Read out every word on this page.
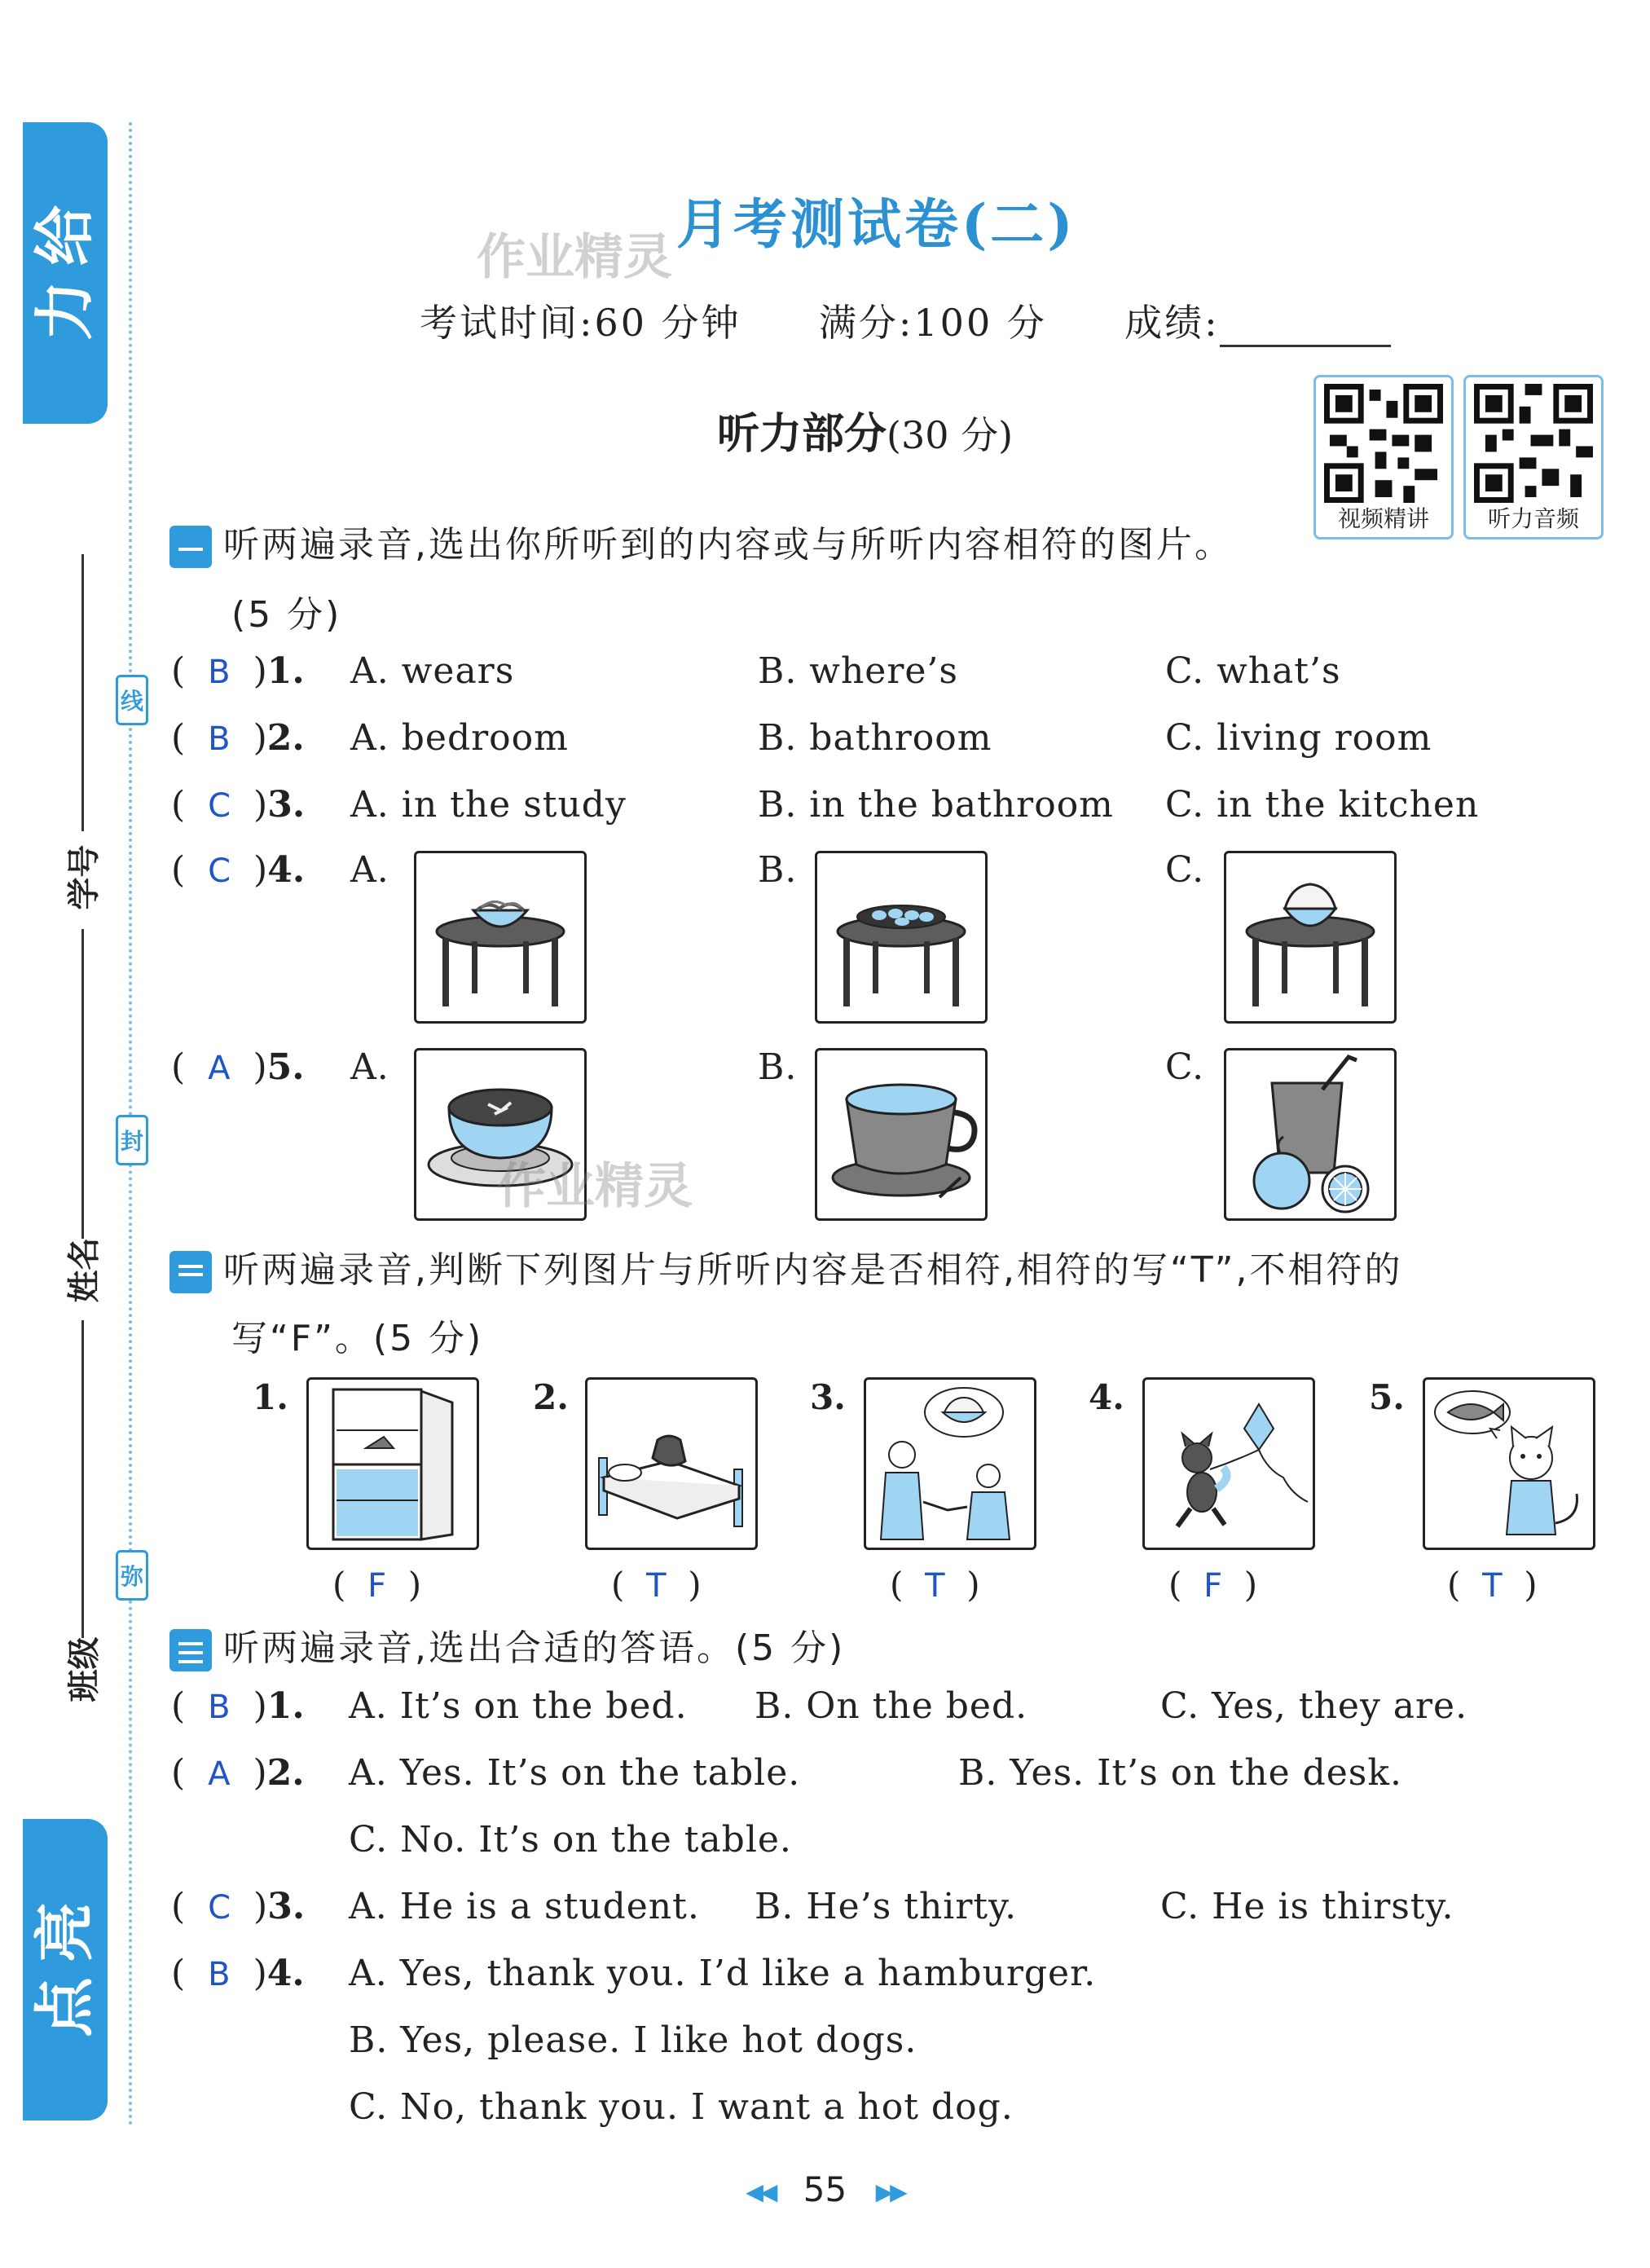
给
力
亮
点
学号
姓名
班级
线
封
弥
作业精灵
月考测试卷(二)
考试时间:60 分钟 满分:100 分 成绩:
听力部分(30 分)
视频精讲	听力音频
听两遍录音,选出你所听到的内容或与所听内容相符的图片。
(5 分)
(  B  )1. A. wears	B. where’s	C. what’s
(  B  )2. A. bedroom	B. bathroom	C. living room
(  C  )3. A. in the study	B. in the bathroom C. in the kitchen
(  C  )4. A.	B.	C.
(  A  )5. A.	B.	C.
作业精灵
听两遍录音,判断下列图片与所听内容是否相符,相符的写“T”,不相符的
写“F”。(5 分)
1.	2.	3.	4.	5.
(  F  )	(  T  )	(  T  )	(  F  )	(  T  )
听两遍录音,选出合适的答语。(5 分)
(  B  )1. A. It’s on the bed. B. On the bed.	C. Yes, they are.
(  A  )2. A. Yes. It’s on the table.	B. Yes. It’s on the desk.
C. No. It’s on the table.
(  C  )3. A. He is a student. B. He’s thirty.	C. He is thirsty.
(  B  )4. A. Yes, thank you. I’d like a hamburger.
B. Yes, please. I like hot dogs.
C. No, thank you. I want a hot dog.
◀◀ 55 ▶▶
